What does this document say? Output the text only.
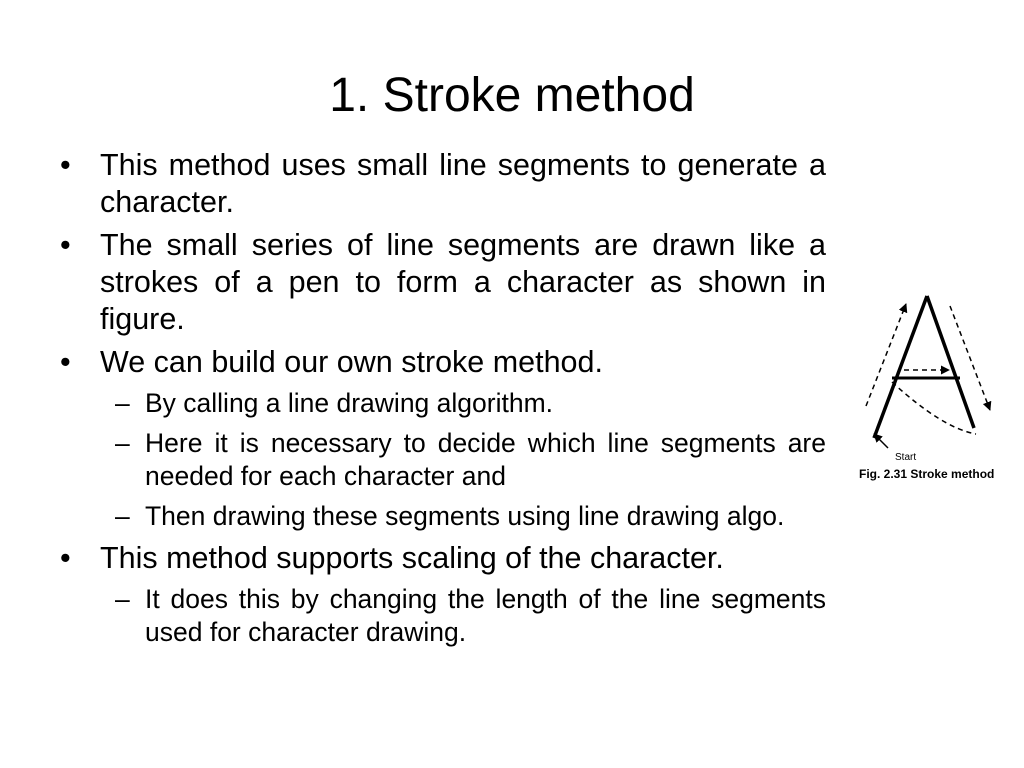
1. Stroke method
• This method uses small line segments to generate a character.
• The small series of line segments are drawn like a strokes of a pen to form a character as shown in figure.
• We can build our own stroke method.
– By calling a line drawing algorithm.
– Here it is necessary to decide which line segments are needed for each character and
– Then drawing these segments using line drawing algo.
• This method supports scaling of the character.
– It does this by changing the length of the line segments used for character drawing.
Start
Fig. 2.31 Stroke method
